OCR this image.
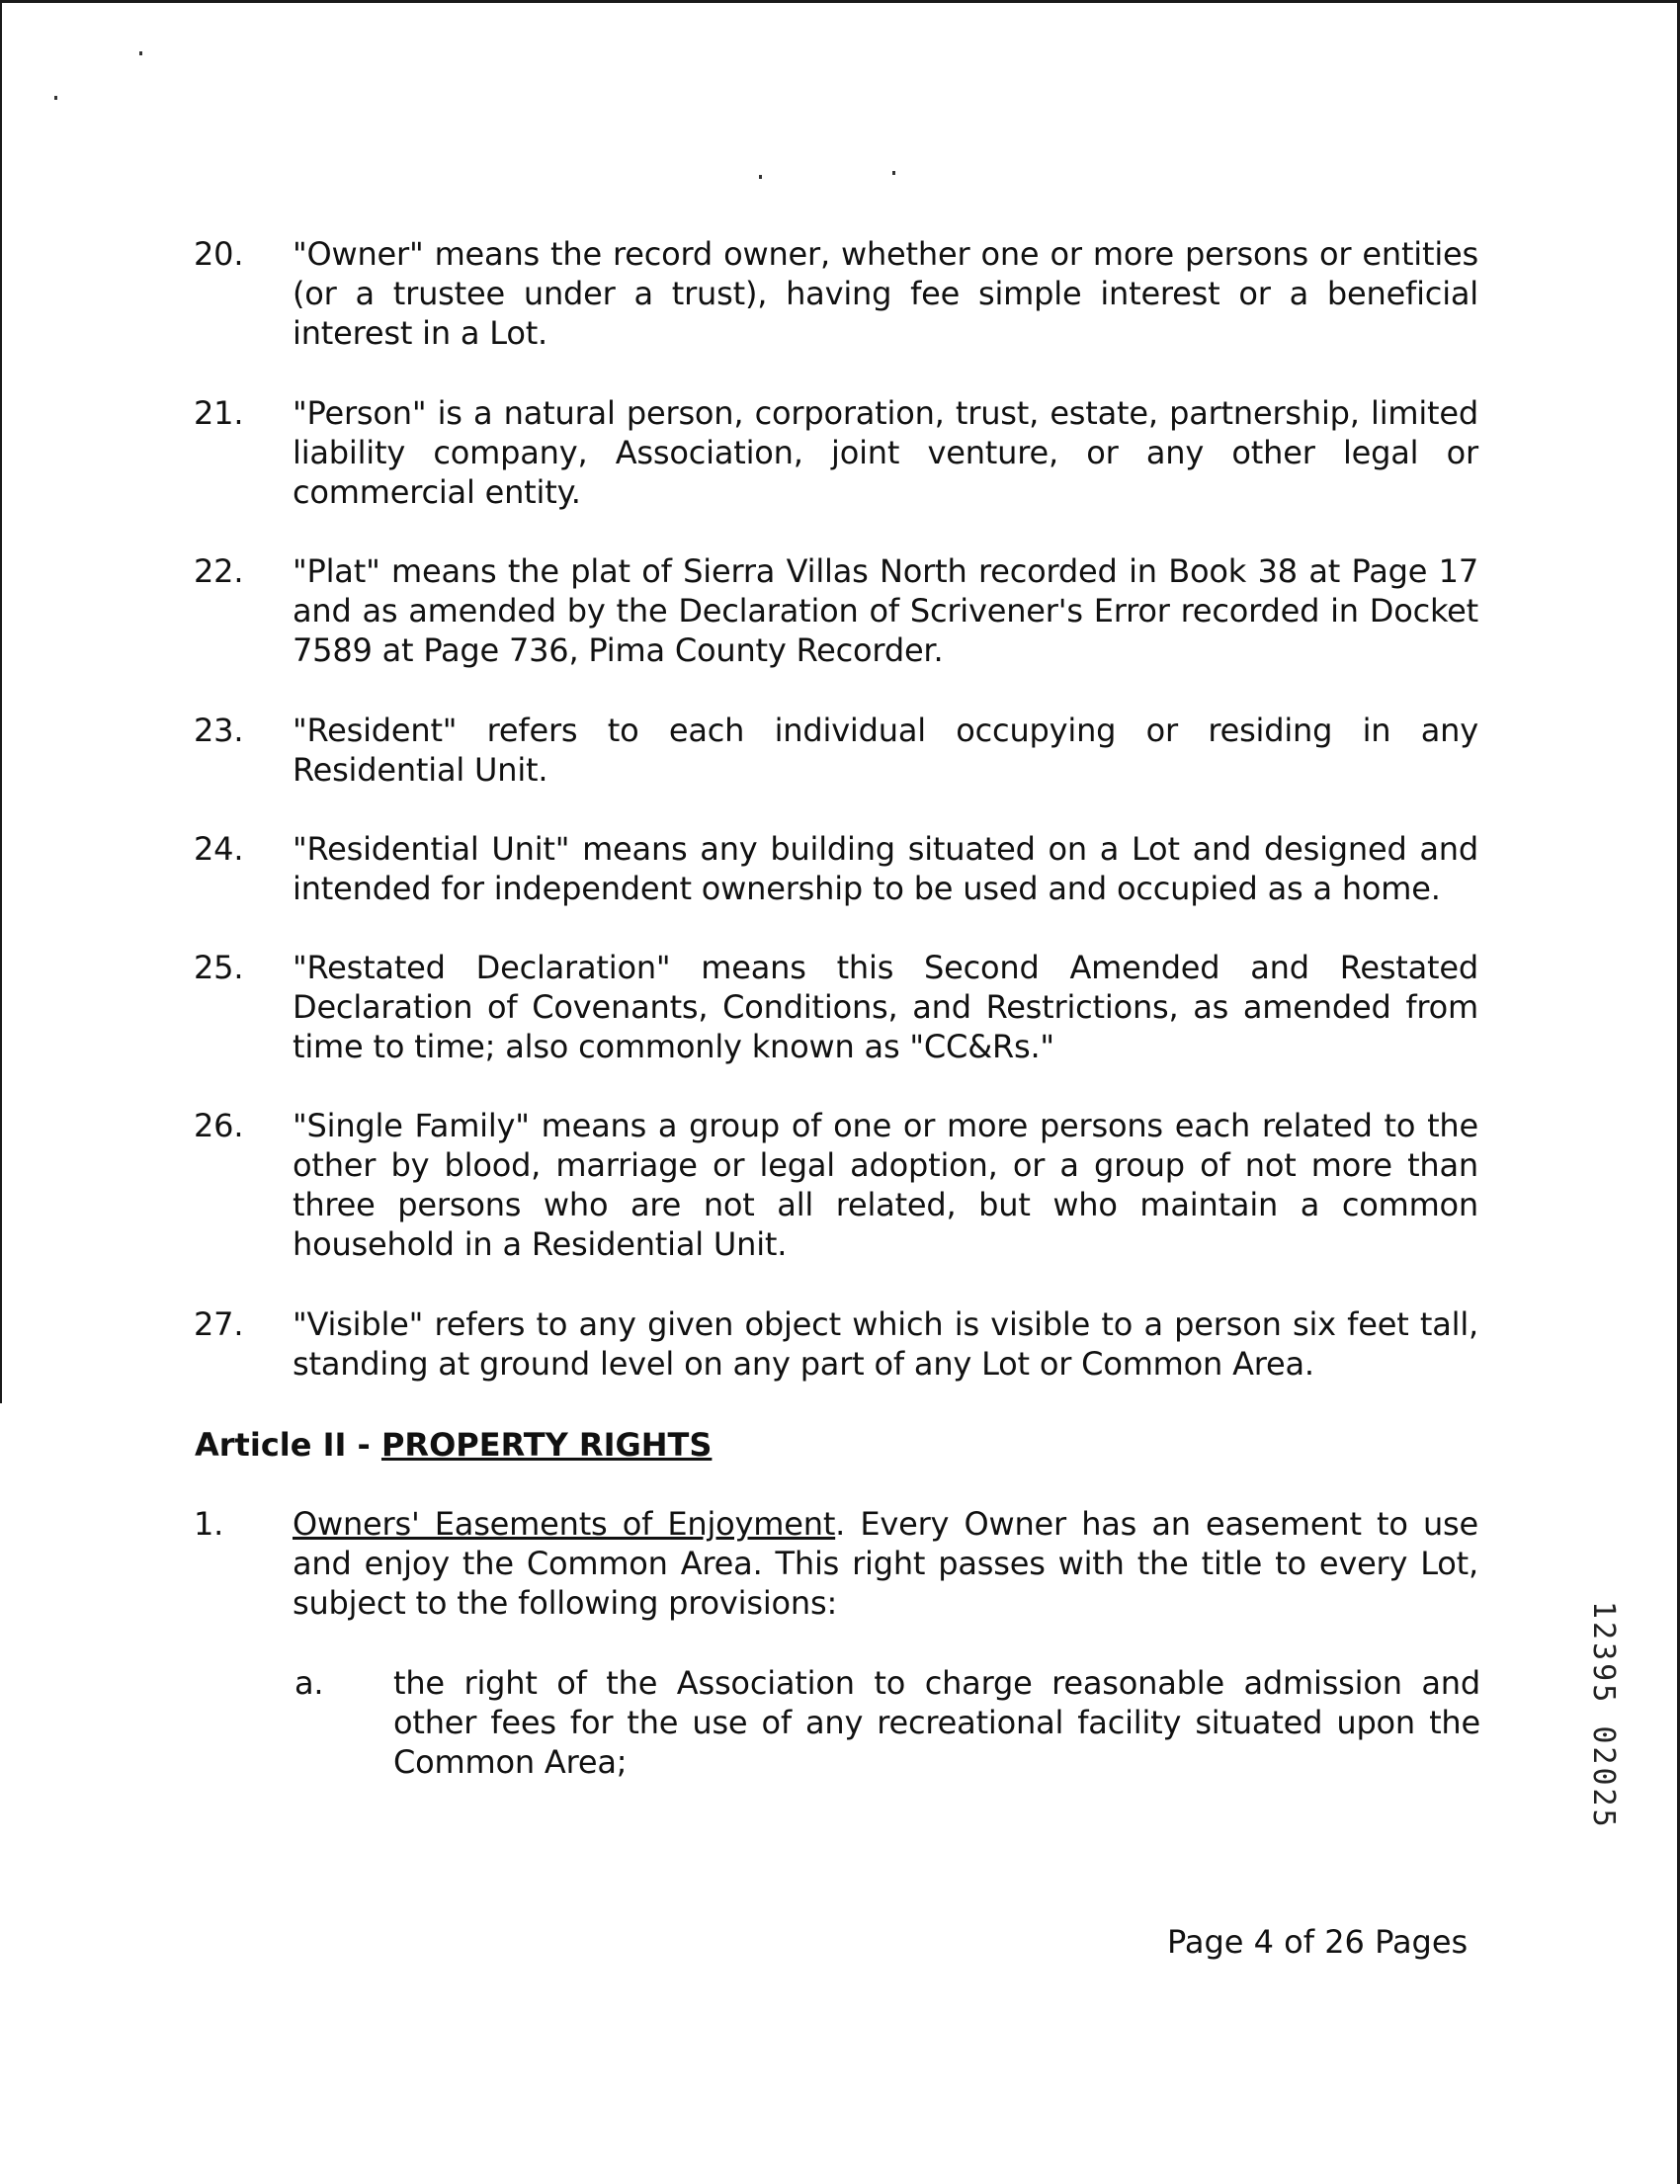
20. "Owner" means the record owner, whether one or more persons or entities (or a trustee under a trust), having fee simple interest or a beneficial interest in a Lot.
21. "Person" is a natural person, corporation, trust, estate, partnership, limited liability company, Association, joint venture, or any other legal or commercial entity.
22. "Plat" means the plat of Sierra Villas North recorded in Book 38 at Page 17 and as amended by the Declaration of Scrivener's Error recorded in Docket 7589 at Page 736, Pima County Recorder.
23. "Resident" refers to each individual occupying or residing in any Residential Unit.
24. "Residential Unit" means any building situated on a Lot and designed and intended for independent ownership to be used and occupied as a home.
25. "Restated Declaration" means this Second Amended and Restated Declaration of Covenants, Conditions, and Restrictions, as amended from time to time; also commonly known as "CC&Rs."
26. "Single Family" means a group of one or more persons each related to the other by blood, marriage or legal adoption, or a group of not more than three persons who are not all related, but who maintain a common household in a Residential Unit.
27. "Visible" refers to any given object which is visible to a person six feet tall, standing at ground level on any part of any Lot or Common Area.
Article II - PROPERTY RIGHTS
1. Owners' Easements of Enjoyment. Every Owner has an easement to use and enjoy the Common Area. This right passes with the title to every Lot, subject to the following provisions:
a. the right of the Association to charge reasonable admission and other fees for the use of any recreational facility situated upon the Common Area;
Page 4 of 26 Pages
12395 02025
